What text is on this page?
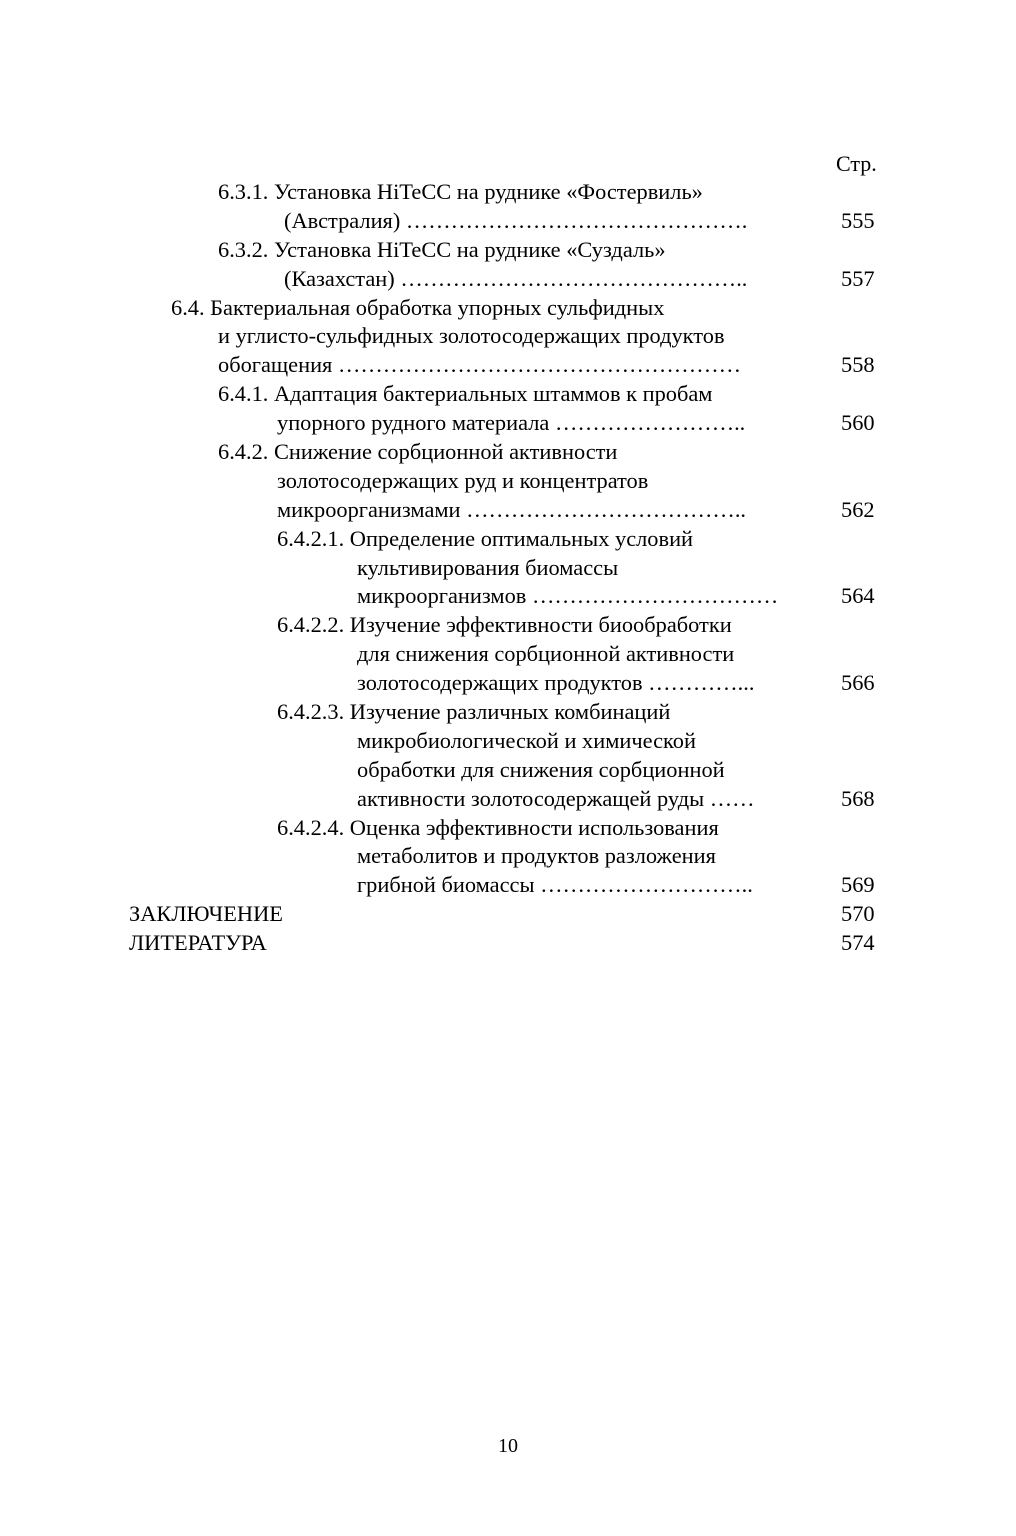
Стр.
6.3.1. Установка HiTeCC на руднике «Фостервиль»
(Австралия) ……………………………………….	555
6.3.2. Установка HiTeCC на руднике «Суздаль»
(Казахстан) ………………………………………..	557
6.4. Бактериальная обработка упорных сульфидных
и углисто-сульфидных золотосодержащих продуктов
обогащения ………………………………………………	558
6.4.1. Адаптация бактериальных штаммов к пробам
упорного рудного материала ……………………..	560
6.4.2. Снижение сорбционной активности
золотосодержащих руд и концентратов
микроорганизмами ………………………………..	562
6.4.2.1. Определение оптимальных условий
культивирования биомассы
микроорганизмов ……………………………	564
6.4.2.2. Изучение эффективности биообработки
для снижения сорбционной активности
золотосодержащих продуктов …………...	566
6.4.2.3. Изучение различных комбинаций
микробиологической и химической
обработки для снижения сорбционной
активности золотосодержащей руды ……	568
6.4.2.4. Оценка эффективности использования
метаболитов и продуктов разложения
грибной биомассы ………………………..	569
ЗАКЛЮЧЕНИЕ	570
ЛИТЕРАТУРА	574
10
